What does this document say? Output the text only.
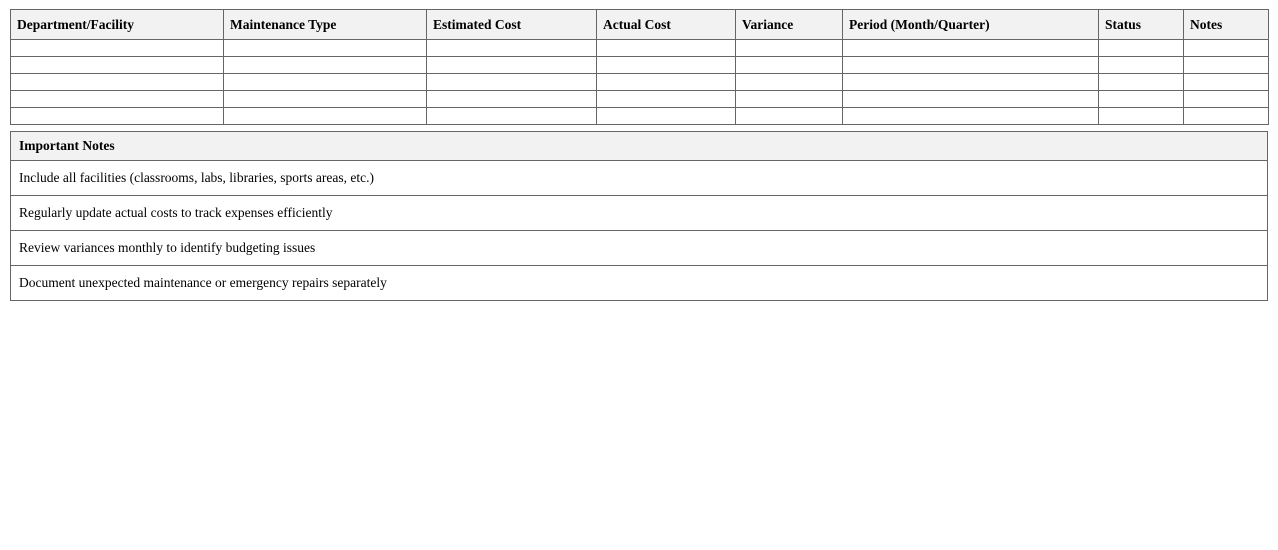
Department/Facility	Maintenance Type	Estimated Cost	Actual Cost	Variance	Period (Month/Quarter)	Status	Notes

Important Notes
Include all facilities (classrooms, labs, libraries, sports areas, etc.)
Regularly update actual costs to track expenses efficiently
Review variances monthly to identify budgeting issues
Document unexpected maintenance or emergency repairs separately
